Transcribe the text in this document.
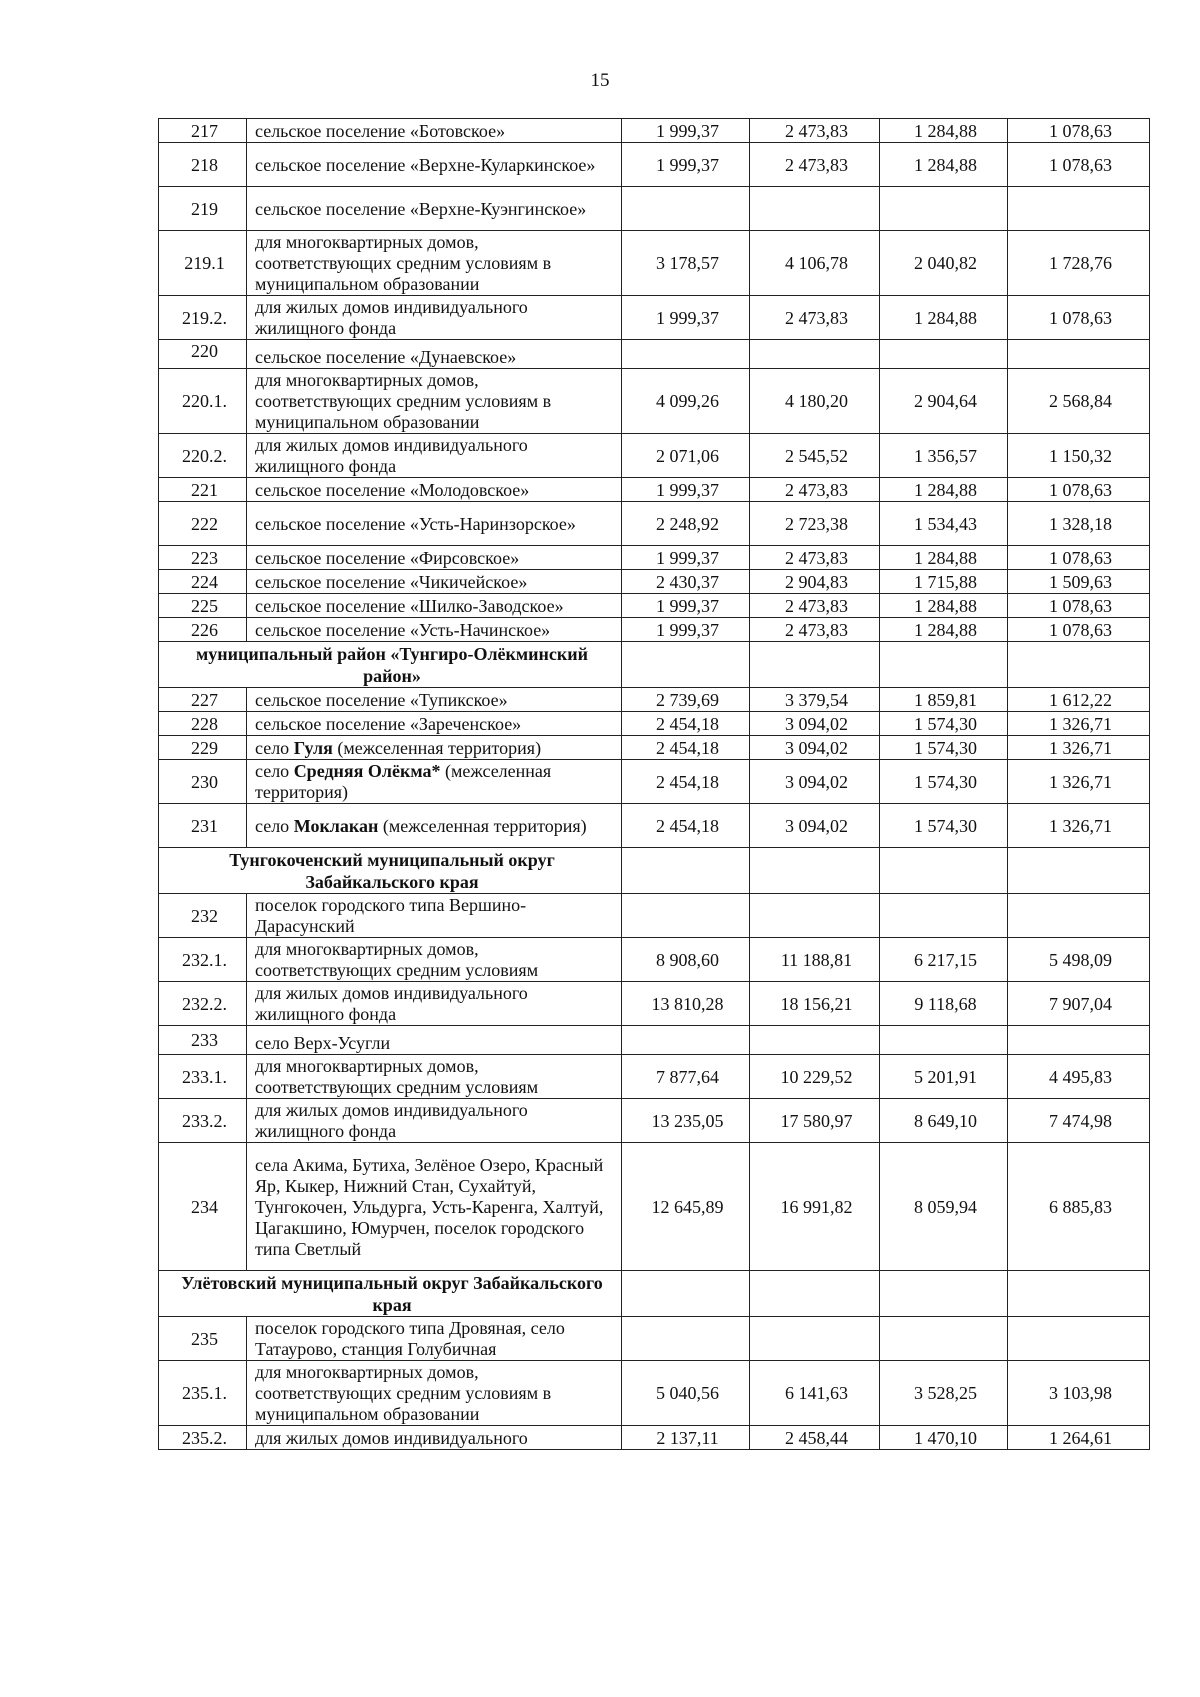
15
217	сельское поселение «Ботовское»	1 999,37	2 473,83	1 284,88	1 078,63
218	сельское поселение «Верхне-Куларкинское»	1 999,37	2 473,83	1 284,88	1 078,63
219	сельское поселение «Верхне-Куэнгинское»				
219.1	для многоквартирных домов, соответствующих средним условиям в муниципальном образовании	3 178,57	4 106,78	2 040,82	1 728,76
219.2.	для жилых домов индивидуального жилищного фонда	1 999,37	2 473,83	1 284,88	1 078,63
220	сельское поселение «Дунаевское»				
220.1.	для многоквартирных домов, соответствующих средним условиям в муниципальном образовании	4 099,26	4 180,20	2 904,64	2 568,84
220.2.	для жилых домов индивидуального жилищного фонда	2 071,06	2 545,52	1 356,57	1 150,32
221	сельское поселение «Молодовское»	1 999,37	2 473,83	1 284,88	1 078,63
222	сельское поселение «Усть-Наринзорское»	2 248,92	2 723,38	1 534,43	1 328,18
223	сельское поселение «Фирсовское»	1 999,37	2 473,83	1 284,88	1 078,63
224	сельское поселение «Чикичейское»	2 430,37	2 904,83	1 715,88	1 509,63
225	сельское поселение «Шилко-Заводское»	1 999,37	2 473,83	1 284,88	1 078,63
226	сельское поселение «Усть-Начинское»	1 999,37	2 473,83	1 284,88	1 078,63
муниципальный район «Тунгиро-Олёкминский район»					
227	сельское поселение «Тупикское»	2 739,69	3 379,54	1 859,81	1 612,22
228	сельское поселение «Зареченское»	2 454,18	3 094,02	1 574,30	1 326,71
229	село Гуля (межселенная территория)	2 454,18	3 094,02	1 574,30	1 326,71
230	село Средняя Олёкма* (межселенная территория)	2 454,18	3 094,02	1 574,30	1 326,71
231	село Моклакан (межселенная территория)	2 454,18	3 094,02	1 574,30	1 326,71
Тунгокоченский муниципальный округ Забайкальского края					
232	поселок городского типа Вершино-Дарасунский				
232.1.	для многоквартирных домов, соответствующих средним условиям	8 908,60	11 188,81	6 217,15	5 498,09
232.2.	для жилых домов индивидуального жилищного фонда	13 810,28	18 156,21	9 118,68	7 907,04
233	село Верх-Усугли				
233.1.	для многоквартирных домов, соответствующих средним условиям	7 877,64	10 229,52	5 201,91	4 495,83
233.2.	для жилых домов индивидуального жилищного фонда	13 235,05	17 580,97	8 649,10	7 474,98
234	села Акима, Бутиха, Зелёное Озеро, Красный Яр, Кыкер, Нижний Стан, Сухайтуй, Тунгокочен, Ульдурга, Усть-Каренга, Халтуй, Цагакшино, Юмурчен, поселок городского типа Светлый	12 645,89	16 991,82	8 059,94	6 885,83
Улётовский муниципальный округ Забайкальского края					
235	поселок городского типа Дровяная, село Татаурово, станция Голубичная				
235.1.	для многоквартирных домов, соответствующих средним условиям в муниципальном образовании	5 040,56	6 141,63	3 528,25	3 103,98
235.2.	для жилых домов индивидуального	2 137,11	2 458,44	1 470,10	1 264,61
